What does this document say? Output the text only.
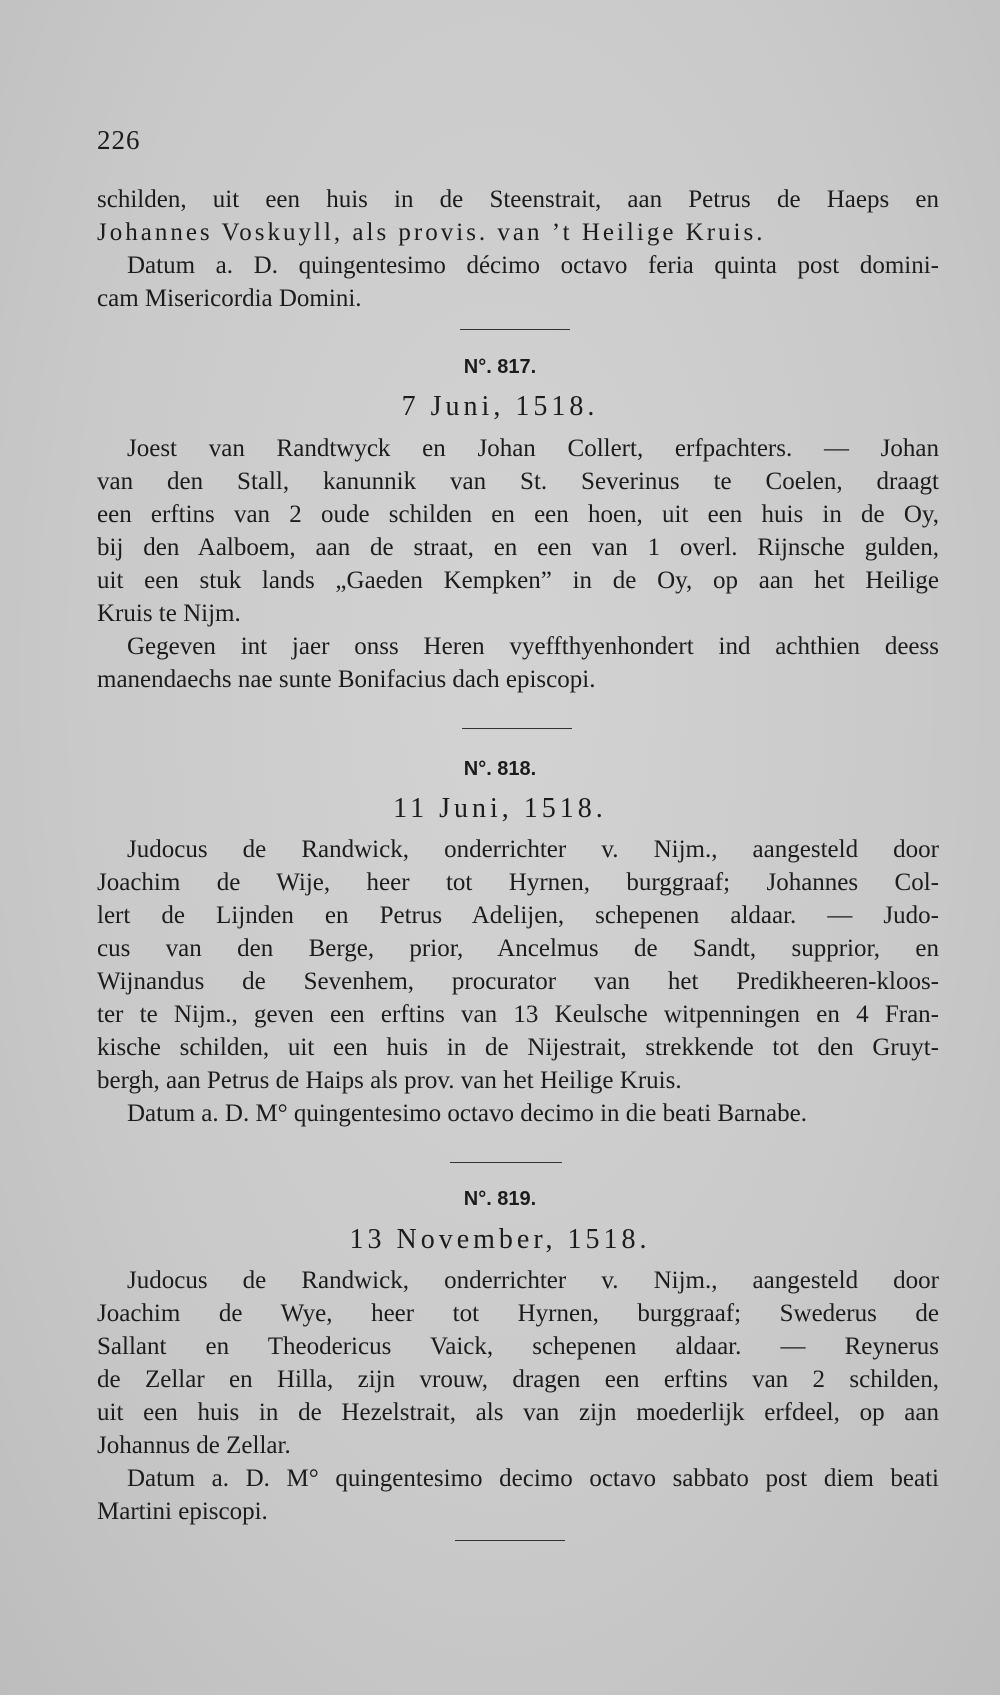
226
schilden, uit een huis in de Steenstrait, aan Petrus de Haeps en
Johannes Voskuyll, als provis. van ’t Heilige Kruis.
Datum a. D. quingentesimo décimo octavo feria quinta post domini-
cam Misericordia Domini.
N°. 817.
7 Juni, 1518.
Joest van Randtwyck en Johan Collert, erfpachters. — Johan
van den Stall, kanunnik van St. Severinus te Coelen, draagt
een erftins van 2 oude schilden en een hoen, uit een huis in de Oy,
bij den Aalboem, aan de straat, en een van 1 overl. Rijnsche gulden,
uit een stuk lands „Gaeden Kempken” in de Oy, op aan het Heilige
Kruis te Nijm.
Gegeven int jaer onss Heren vyeffthyenhondert ind achthien deess
manendaechs nae sunte Bonifacius dach episcopi.
N°. 818.
11 Juni, 1518.
Judocus de Randwick, onderrichter v. Nijm., aangesteld door
Joachim de Wije, heer tot Hyrnen, burggraaf; Johannes Col-
lert de Lijnden en Petrus Adelijen, schepenen aldaar. — Judo-
cus van den Berge, prior, Ancelmus de Sandt, supprior, en
Wijnandus de Sevenhem, procurator van het Predikheeren-kloos-
ter te Nijm., geven een erftins van 13 Keulsche witpenningen en 4 Fran-
kische schilden, uit een huis in de Nijestrait, strekkende tot den Gruyt-
bergh, aan Petrus de Haips als prov. van het Heilige Kruis.
Datum a. D. M° quingentesimo octavo decimo in die beati Barnabe.
N°. 819.
13 November, 1518.
Judocus de Randwick, onderrichter v. Nijm., aangesteld door
Joachim de Wye, heer tot Hyrnen, burggraaf; Swederus de
Sallant en Theodericus Vaick, schepenen aldaar. — Reynerus
de Zellar en Hilla, zijn vrouw, dragen een erftins van 2 schilden,
uit een huis in de Hezelstrait, als van zijn moederlijk erfdeel, op aan
Johannus de Zellar.
Datum a. D. M° quingentesimo decimo octavo sabbato post diem beati
Martini episcopi.
